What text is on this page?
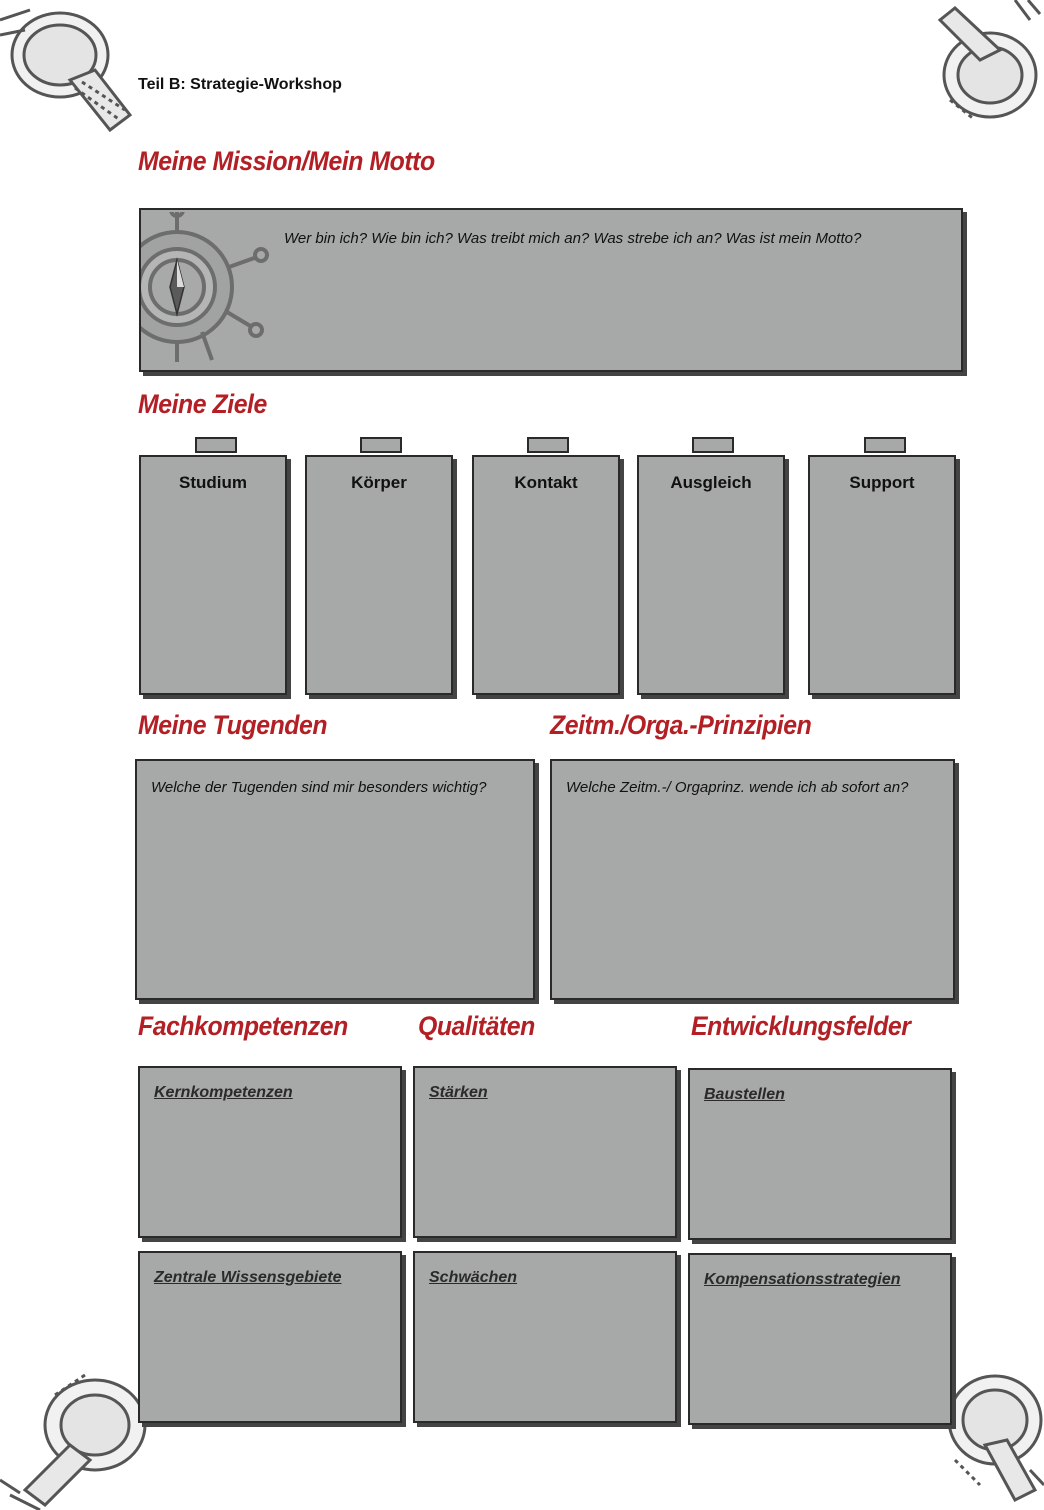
Teil B: Strategie-Workshop
Meine Mission/Mein Motto
Wer bin ich? Wie bin ich? Was treibt mich an? Was strebe ich an? Was ist mein Motto?
Meine Ziele
Studium	Körper	Kontakt	Ausgleich	Support
Meine Tugenden	Zeitm./Orga.-Prinzipien
Welche der Tugenden sind mir besonders wichtig?	Welche Zeitm.-/ Orgaprinz. wende ich ab sofort an?
Fachkompetenzen	Qualitäten	Entwicklungsfelder
Kernkompetenzen	Stärken	Baustellen
Zentrale Wissensgebiete	Schwächen	Kompensationsstrategien
